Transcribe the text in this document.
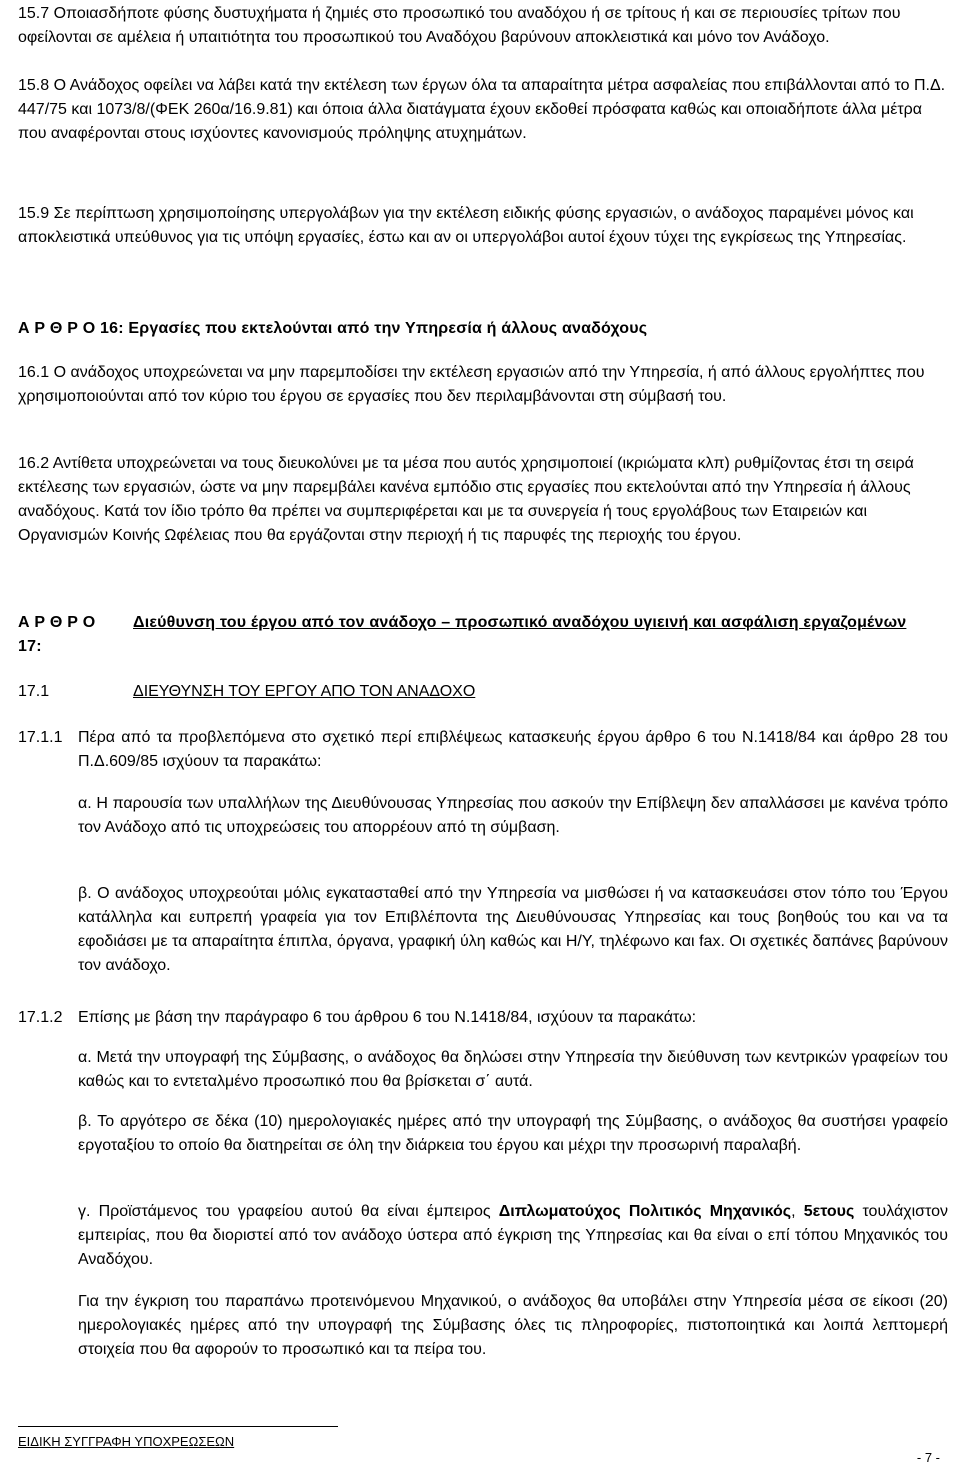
15.7 Οποιασδήποτε φύσης δυστυχήματα ή ζημιές στο προσωπικό του αναδόχου ή σε τρίτους ή και σε περιουσίες τρίτων που οφείλονται σε αμέλεια ή υπαιτιότητα του προσωπικού του Αναδόχου βαρύνουν αποκλειστικά και μόνο τον Ανάδοχο.

15.8 Ο Ανάδοχος οφείλει να λάβει κατά την εκτέλεση των έργων όλα τα απαραίτητα μέτρα ασφαλείας που επιβάλλονται από το Π.Δ. 447/75 και 1073/8/(ΦΕΚ 260α/16.9.81) και όποια άλλα διατάγματα έχουν εκδοθεί πρόσφατα καθώς και οποιαδήποτε άλλα μέτρα που αναφέρονται στους ισχύοντες κανονισμούς πρόληψης ατυχημάτων.

15.9 Σε περίπτωση χρησιμοποίησης υπεργολάβων για την εκτέλεση ειδικής φύσης εργασιών, ο ανάδοχος παραμένει μόνος και αποκλειστικά υπεύθυνος για τις υπόψη εργασίες, έστω και αν οι υπεργολάβοι αυτοί έχουν τύχει της εγκρίσεως της Υπηρεσίας.

Α Ρ Θ Ρ Ο 16: Εργασίες που εκτελούνται από την Υπηρεσία ή άλλους αναδόχους

16.1 Ο ανάδοχος υποχρεώνεται να μην παρεμποδίσει την εκτέλεση εργασιών από την Υπηρεσία, ή από άλλους εργολήπτες που χρησιμοποιούνται από τον κύριο του έργου σε εργασίες που δεν περιλαμβάνονται στη σύμβασή του.

16.2 Αντίθετα υποχρεώνεται να τους διευκολύνει με τα μέσα που αυτός χρησιμοποιεί (ικριώματα κλπ) ρυθμίζοντας έτσι τη σειρά εκτέλεσης των εργασιών, ώστε να μην παρεμβάλει κανένα εμπόδιο στις εργασίες που εκτελούνται από την Υπηρεσία ή άλλους αναδόχους. Κατά τον ίδιο τρόπο θα πρέπει να συμπεριφέρεται και με τα συνεργεία ή τους εργολάβους των Εταιρειών και Οργανισμών Κοινής Ωφέλειας που θα εργάζονται στην περιοχή ή τις παρυφές της περιοχής του έργου.

Α Ρ Θ Ρ Ο 17:

Διεύθυνση του έργου από τον ανάδοχο – προσωπικό αναδόχου υγιεινή και ασφάλιση εργαζομένων

17.1	ΔΙΕΥΘΥΝΣΗ ΤΟΥ ΕΡΓΟΥ ΑΠΟ ΤΟΝ ΑΝΑΔΟΧΟ

17.1.1 Πέρα από τα προβλεπόμενα στο σχετικό περί επιβλέψεως κατασκευής έργου άρθρο 6 του Ν.1418/84 και άρθρο 28 του Π.Δ.609/85 ισχύουν τα παρακάτω:

α. Η παρουσία των υπαλλήλων της Διευθύνουσας Υπηρεσίας που ασκούν την Επίβλεψη δεν απαλλάσσει με κανένα τρόπο τον Ανάδοχο από τις υποχρεώσεις του απορρέουν από τη σύμβαση.

β. Ο ανάδοχος υποχρεούται μόλις εγκατασταθεί από την Υπηρεσία να μισθώσει ή να κατασκευάσει στον τόπο του Έργου κατάλληλα και ευπρεπή γραφεία για τον Επιβλέποντα της Διευθύνουσας Υπηρεσίας και τους βοηθούς του και να τα εφοδιάσει με τα απαραίτητα έπιπλα, όργανα, γραφική ύλη καθώς και Η/Υ, τηλέφωνο και fax. Οι σχετικές δαπάνες βαρύνουν τον ανάδοχο.

17.1.2 Επίσης με βάση την παράγραφο 6 του άρθρου 6 του Ν.1418/84, ισχύουν τα παρακάτω:

α. Μετά την υπογραφή της Σύμβασης, ο ανάδοχος θα δηλώσει στην Υπηρεσία την διεύθυνση των κεντρικών γραφείων του καθώς και το εντεταλμένο προσωπικό που θα βρίσκεται σ΄ αυτά.

β. Το αργότερο σε δέκα (10) ημερολογιακές ημέρες από την υπογραφή της Σύμβασης, ο ανάδοχος θα συστήσει γραφείο εργοταξίου το οποίο θα διατηρείται σε όλη την διάρκεια του έργου και μέχρι την προσωρινή παραλαβή.

γ. Προϊστάμενος του γραφείου αυτού θα είναι έμπειρος Διπλωματούχος Πολιτικός Μηχανικός, 5ετους τουλάχιστον εμπειρίας, που θα διοριστεί από τον ανάδοχο ύστερα από έγκριση της Υπηρεσίας και θα είναι ο επί τόπου Μηχανικός του Αναδόχου.

Για την έγκριση του παραπάνω προτεινόμενου Μηχανικού, ο ανάδοχος θα υποβάλει στην Υπηρεσία μέσα σε είκοσι (20) ημερολογιακές ημέρες από την υπογραφή της Σύμβασης όλες τις πληροφορίες, πιστοποιητικά και λοιπά λεπτομερή στοιχεία που θα αφορούν το προσωπικό και τα πείρα του.

ΕΙΔΙΚΗ ΣΥΓΓΡΑΦΗ ΥΠΟΧΡΕΩΣΕΩΝ
- 7 -
